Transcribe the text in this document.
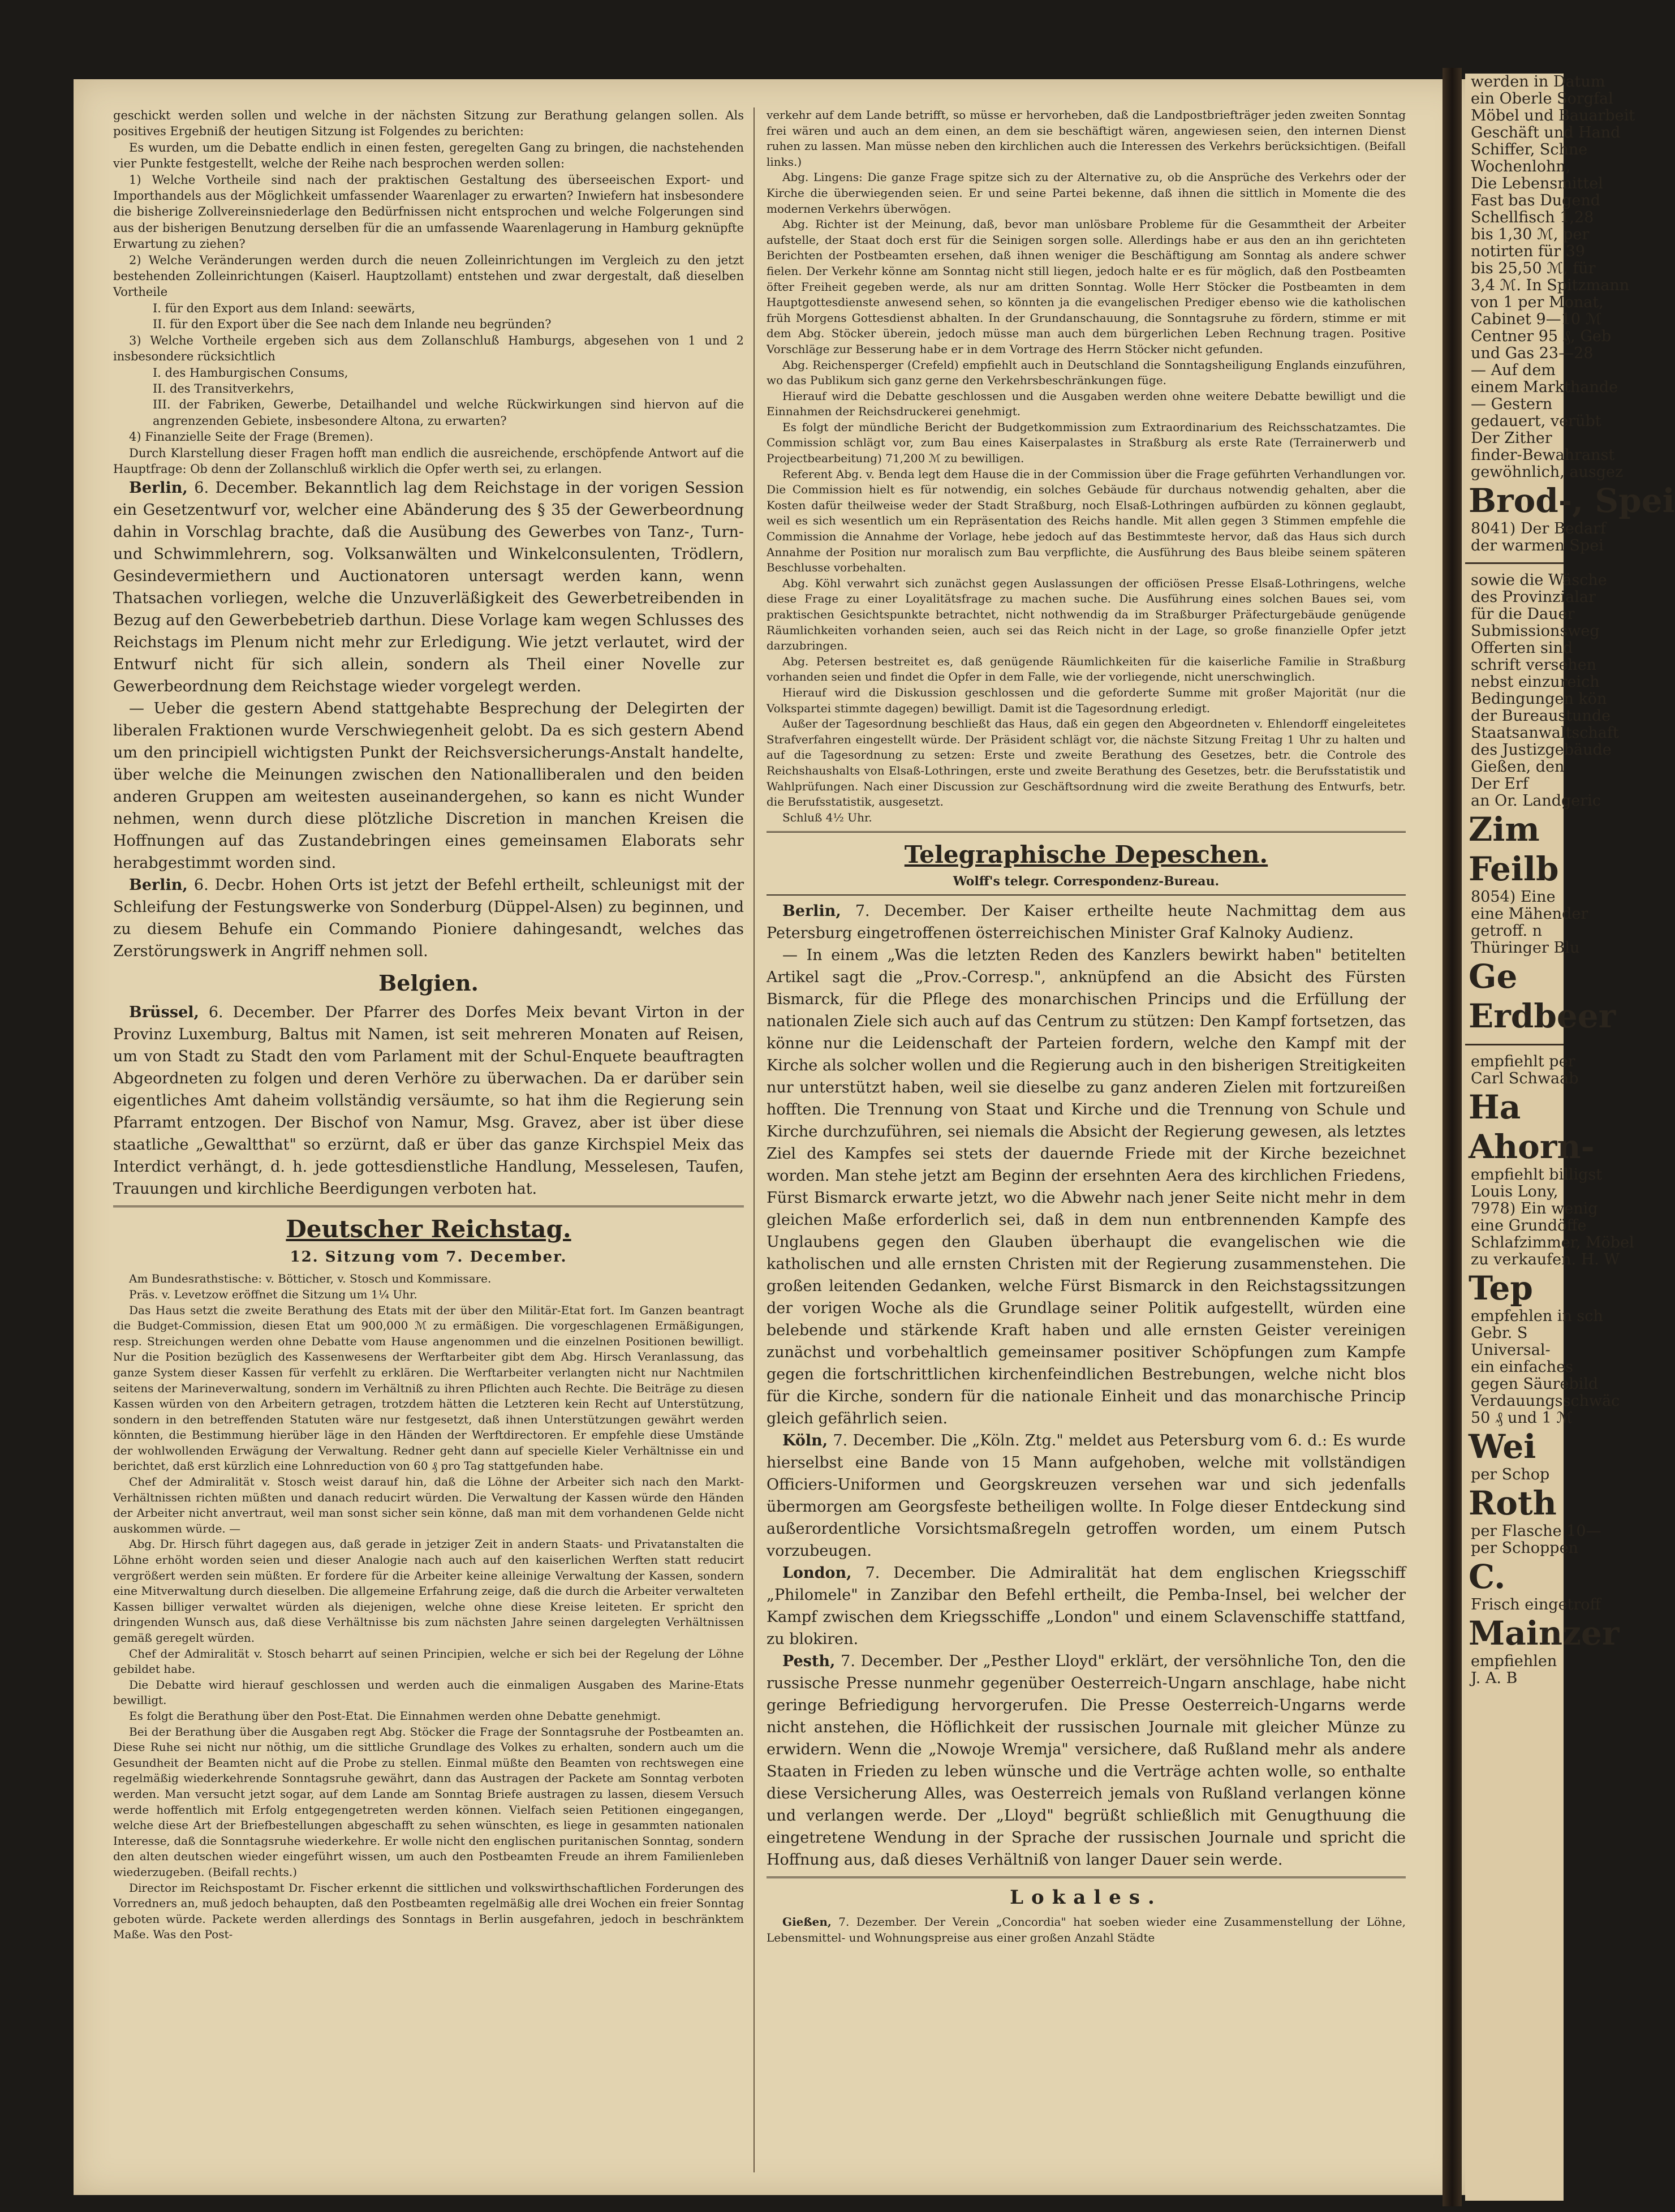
geschickt werden sollen und welche in der nächsten Sitzung zur Berathung gelangen sollen. Als positives Ergebniß der heutigen Sitzung ist Folgendes zu berichten:

Es wurden, um die Debatte endlich in einen festen, geregelten Gang zu bringen, die nachstehenden vier Punkte festgestellt, welche der Reihe nach besprochen werden sollen:

1) Welche Vortheile sind nach der praktischen Gestaltung des überseeischen Export- und Importhandels aus der Möglichkeit umfassender Waarenlager zu erwarten? Inwiefern hat insbesondere die bisherige Zollvereinsniederlage den Bedürfnissen nicht entsprochen und welche Folgerungen sind aus der bisherigen Benutzung derselben für die an umfassende Waarenlagerung in Hamburg geknüpfte Erwartung zu ziehen?

2) Welche Veränderungen werden durch die neuen Zolleinrichtungen im Vergleich zu den jetzt bestehenden Zolleinrichtungen (Kaiserl. Hauptzollamt) entstehen und zwar dergestalt, daß dieselben Vortheile

I. für den Export aus dem Inland: seewärts,

II. für den Export über die See nach dem Inlande neu begründen?

3) Welche Vortheile ergeben sich aus dem Zollanschluß Hamburgs, abgesehen von 1 und 2 insbesondere rücksichtlich

I. des Hamburgischen Consums,

II. des Transitverkehrs,

III. der Fabriken, Gewerbe, Detailhandel und welche Rückwirkungen sind hiervon auf die angrenzenden Gebiete, insbesondere Altona, zu erwarten?

4) Finanzielle Seite der Frage (Bremen).

Durch Klarstellung dieser Fragen hofft man endlich die ausreichende, erschöpfende Antwort auf die Hauptfrage: Ob denn der Zollanschluß wirklich die Opfer werth sei, zu erlangen.

Berlin, 6. December. Bekanntlich lag dem Reichstage in der vorigen Session ein Gesetzentwurf vor, welcher eine Abänderung des § 35 der Gewerbeordnung dahin in Vorschlag brachte, daß die Ausübung des Gewerbes von Tanz-, Turn- und Schwimmlehrern, sog. Volksanwälten und Winkelconsulenten, Trödlern, Gesindevermiethern und Auctionatoren untersagt werden kann, wenn Thatsachen vorliegen, welche die Unzuverläßigkeit des Gewerbetreibenden in Bezug auf den Gewerbebetrieb darthun. Diese Vorlage kam wegen Schlusses des Reichstags im Plenum nicht mehr zur Erledigung. Wie jetzt verlautet, wird der Entwurf nicht für sich allein, sondern als Theil einer Novelle zur Gewerbeordnung dem Reichstage wieder vorgelegt werden.

— Ueber die gestern Abend stattgehabte Besprechung der Delegirten der liberalen Fraktionen wurde Verschwiegenheit gelobt. Da es sich gestern Abend um den principiell wichtigsten Punkt der Reichsversicherungs-Anstalt handelte, über welche die Meinungen zwischen den Nationalliberalen und den beiden anderen Gruppen am weitesten auseinandergehen, so kann es nicht Wunder nehmen, wenn durch diese plötzliche Discretion in manchen Kreisen die Hoffnungen auf das Zustandebringen eines gemeinsamen Elaborats sehr herabgestimmt worden sind.

Berlin, 6. Decbr. Hohen Orts ist jetzt der Befehl ertheilt, schleunigst mit der Schleifung der Festungswerke von Sonderburg (Düppel-Alsen) zu beginnen, und zu diesem Behufe ein Commando Pioniere dahingesandt, welches das Zerstörungswerk in Angriff nehmen soll.

Belgien.

Brüssel, 6. December. Der Pfarrer des Dorfes Meix bevant Virton in der Provinz Luxemburg, Baltus mit Namen, ist seit mehreren Monaten auf Reisen, um von Stadt zu Stadt den vom Parlament mit der Schul-Enquete beauftragten Abgeordneten zu folgen und deren Verhöre zu überwachen. Da er darüber sein eigentliches Amt daheim vollständig versäumte, so hat ihm die Regierung sein Pfarramt entzogen. Der Bischof von Namur, Msg. Gravez, aber ist über diese staatliche „Gewaltthat" so erzürnt, daß er über das ganze Kirchspiel Meix das Interdict verhängt, d. h. jede gottesdienstliche Handlung, Messelesen, Taufen, Trauungen und kirchliche Beerdigungen verboten hat.

Deutscher Reichstag.
12. Sitzung vom 7. December.

Am Bundesrathstische: v. Bötticher, v. Stosch und Kommissare.

Präs. v. Levetzow eröffnet die Sitzung um 1¼ Uhr.

Das Haus setzt die zweite Berathung des Etats mit der über den Militär-Etat fort. Im Ganzen beantragt die Budget-Commission, diesen Etat um 900,000 ℳ zu ermäßigen. Die vorgeschlagenen Ermäßigungen, resp. Streichungen werden ohne Debatte vom Hause angenommen und die einzelnen Positionen bewilligt. Nur die Position bezüglich des Kassenwesens der Werftarbeiter gibt dem Abg. Hirsch Veranlassung, das ganze System dieser Kassen für verfehlt zu erklären. Die Werftarbeiter verlangten nicht nur Nachtmilen seitens der Marineverwaltung, sondern im Verhältniß zu ihren Pflichten auch Rechte. Die Beiträge zu diesen Kassen würden von den Arbeitern getragen, trotzdem hätten die Letzteren kein Recht auf Unterstützung, sondern in den betreffenden Statuten wäre nur festgesetzt, daß ihnen Unterstützungen gewährt werden könnten, die Bestimmung hierüber läge in den Händen der Werftdirectoren. Er empfehle diese Umstände der wohlwollenden Erwägung der Verwaltung. Redner geht dann auf specielle Kieler Verhältnisse ein und berichtet, daß erst kürzlich eine Lohnreduction von 60 ₰ pro Tag stattgefunden habe.

Chef der Admiralität v. Stosch weist darauf hin, daß die Löhne der Arbeiter sich nach den Markt-Verhältnissen richten müßten und danach reducirt würden. Die Verwaltung der Kassen würde den Händen der Arbeiter nicht anvertraut, weil man sonst sicher sein könne, daß man mit dem vorhandenen Gelde nicht auskommen würde. —

Abg. Dr. Hirsch führt dagegen aus, daß gerade in jetziger Zeit in andern Staats- und Privatanstalten die Löhne erhöht worden seien und dieser Analogie nach auch auf den kaiserlichen Werften statt reducirt vergrößert werden sein müßten. Er fordere für die Arbeiter keine alleinige Verwaltung der Kassen, sondern eine Mitverwaltung durch dieselben. Die allgemeine Erfahrung zeige, daß die durch die Arbeiter verwalteten Kassen billiger verwaltet würden als diejenigen, welche ohne diese Kreise leiteten. Er spricht den dringenden Wunsch aus, daß diese Verhältnisse bis zum nächsten Jahre seinen dargelegten Verhältnissen gemäß geregelt würden.

Chef der Admiralität v. Stosch beharrt auf seinen Principien, welche er sich bei der Regelung der Löhne gebildet habe.

Die Debatte wird hierauf geschlossen und werden auch die einmaligen Ausgaben des Marine-Etats bewilligt.

Es folgt die Berathung über den Post-Etat. Die Einnahmen werden ohne Debatte genehmigt.

Bei der Berathung über die Ausgaben regt Abg. Stöcker die Frage der Sonntagsruhe der Postbeamten an. Diese Ruhe sei nicht nur nöthig, um die sittliche Grundlage des Volkes zu erhalten, sondern auch um die Gesundheit der Beamten nicht auf die Probe zu stellen. Einmal müßte den Beamten von rechtswegen eine regelmäßig wiederkehrende Sonntagsruhe gewährt, dann das Austragen der Packete am Sonntag verboten werden. Man versucht jetzt sogar, auf dem Lande am Sonntag Briefe austragen zu lassen, diesem Versuch werde hoffentlich mit Erfolg entgegengetreten werden können. Vielfach seien Petitionen eingegangen, welche diese Art der Briefbestellungen abgeschafft zu sehen wünschten, es liege in gesammten nationalen Interesse, daß die Sonntagsruhe wiederkehre. Er wolle nicht den englischen puritanischen Sonntag, sondern den alten deutschen wieder eingeführt wissen, um auch den Postbeamten Freude an ihrem Familienleben wiederzugeben. (Beifall rechts.)

Director im Reichspostamt Dr. Fischer erkennt die sittlichen und volkswirthschaftlichen Forderungen des Vorredners an, muß jedoch behaupten, daß den Postbeamten regelmäßig alle drei Wochen ein freier Sonntag geboten würde. Packete werden allerdings des Sonntags in Berlin ausgefahren, jedoch in beschränktem Maße. Was den Post-

verkehr auf dem Lande betrifft, so müsse er hervorheben, daß die Landpostbriefträger jeden zweiten Sonntag frei wären und auch an dem einen, an dem sie beschäftigt wären, angewiesen seien, den internen Dienst ruhen zu lassen. Man müsse neben den kirchlichen auch die Interessen des Verkehrs berücksichtigen. (Beifall links.)

Abg. Lingens: Die ganze Frage spitze sich zu der Alternative zu, ob die Ansprüche des Verkehrs oder der Kirche die überwiegenden seien. Er und seine Partei bekenne, daß ihnen die sittlich in Momente die des modernen Verkehrs überwögen.

Abg. Richter ist der Meinung, daß, bevor man unlösbare Probleme für die Gesammtheit der Arbeiter aufstelle, der Staat doch erst für die Seinigen sorgen solle. Allerdings habe er aus den an ihn gerichteten Berichten der Postbeamten ersehen, daß ihnen weniger die Beschäftigung am Sonntag als andere schwer fielen. Der Verkehr könne am Sonntag nicht still liegen, jedoch halte er es für möglich, daß den Postbeamten öfter Freiheit gegeben werde, als nur am dritten Sonntag. Wolle Herr Stöcker die Postbeamten in dem Hauptgottesdienste anwesend sehen, so könnten ja die evangelischen Prediger ebenso wie die katholischen früh Morgens Gottesdienst abhalten. In der Grundanschauung, die Sonntagsruhe zu fördern, stimme er mit dem Abg. Stöcker überein, jedoch müsse man auch dem bürgerlichen Leben Rechnung tragen. Positive Vorschläge zur Besserung habe er in dem Vortrage des Herrn Stöcker nicht gefunden.

Abg. Reichensperger (Crefeld) empfiehlt auch in Deutschland die Sonntagsheiligung Englands einzuführen, wo das Publikum sich ganz gerne den Verkehrsbeschränkungen füge.

Hierauf wird die Debatte geschlossen und die Ausgaben werden ohne weitere Debatte bewilligt und die Einnahmen der Reichsdruckerei genehmigt.

Es folgt der mündliche Bericht der Budgetkommission zum Extraordinarium des Reichsschatzamtes. Die Commission schlägt vor, zum Bau eines Kaiserpalastes in Straßburg als erste Rate (Terrainerwerb und Projectbearbeitung) 71,200 ℳ zu bewilligen.

Referent Abg. v. Benda legt dem Hause die in der Commission über die Frage geführten Verhandlungen vor. Die Commission hielt es für notwendig, ein solches Gebäude für durchaus notwendig gehalten, aber die Kosten dafür theilweise weder der Stadt Straßburg, noch Elsaß-Lothringen aufbürden zu können geglaubt, weil es sich wesentlich um ein Repräsentation des Reichs handle. Mit allen gegen 3 Stimmen empfehle die Commission die Annahme der Vorlage, hebe jedoch auf das Bestimmteste hervor, daß das Haus sich durch Annahme der Position nur moralisch zum Bau verpflichte, die Ausführung des Baus bleibe seinem späteren Beschlusse vorbehalten.

Abg. Köhl verwahrt sich zunächst gegen Auslassungen der officiösen Presse Elsaß-Lothringens, welche diese Frage zu einer Loyalitätsfrage zu machen suche. Die Ausführung eines solchen Baues sei, vom praktischen Gesichtspunkte betrachtet, nicht nothwendig da im Straßburger Präfecturgebäude genügende Räumlichkeiten vorhanden seien, auch sei das Reich nicht in der Lage, so große finanzielle Opfer jetzt darzubringen.

Abg. Petersen bestreitet es, daß genügende Räumlichkeiten für die kaiserliche Familie in Straßburg vorhanden seien und findet die Opfer in dem Falle, wie der vorliegende, nicht unerschwinglich.

Hierauf wird die Diskussion geschlossen und die geforderte Summe mit großer Majorität (nur die Volkspartei stimmte dagegen) bewilligt. Damit ist die Tagesordnung erledigt.

Außer der Tagesordnung beschließt das Haus, daß ein gegen den Abgeordneten v. Ehlendorff eingeleitetes Strafverfahren eingestellt würde. Der Präsident schlägt vor, die nächste Sitzung Freitag 1 Uhr zu halten und auf die Tagesordnung zu setzen: Erste und zweite Berathung des Gesetzes, betr. die Controle des Reichshaushalts von Elsaß-Lothringen, erste und zweite Berathung des Gesetzes, betr. die Berufsstatistik und Wahlprüfungen. Nach einer Discussion zur Geschäftsordnung wird die zweite Berathung des Entwurfs, betr. die Berufsstatistik, ausgesetzt.

Schluß 4½ Uhr.

Telegraphische Depeschen.
Wolff's telegr. Correspondenz-Bureau.

Berlin, 7. December. Der Kaiser ertheilte heute Nachmittag dem aus Petersburg eingetroffenen österreichischen Minister Graf Kalnoky Audienz.

— In einem „Was die letzten Reden des Kanzlers bewirkt haben" betitelten Artikel sagt die „Prov.-Corresp.", anknüpfend an die Absicht des Fürsten Bismarck, für die Pflege des monarchischen Princips und die Erfüllung der nationalen Ziele sich auch auf das Centrum zu stützen: Den Kampf fortsetzen, das könne nur die Leidenschaft der Parteien fordern, welche den Kampf mit der Kirche als solcher wollen und die Regierung auch in den bisherigen Streitigkeiten nur unterstützt haben, weil sie dieselbe zu ganz anderen Zielen mit fortzureißen hofften. Die Trennung von Staat und Kirche und die Trennung von Schule und Kirche durchzuführen, sei niemals die Absicht der Regierung gewesen, als letztes Ziel des Kampfes sei stets der dauernde Friede mit der Kirche bezeichnet worden. Man stehe jetzt am Beginn der ersehnten Aera des kirchlichen Friedens, Fürst Bismarck erwarte jetzt, wo die Abwehr nach jener Seite nicht mehr in dem gleichen Maße erforderlich sei, daß in dem nun entbrennenden Kampfe des Unglaubens gegen den Glauben überhaupt die evangelischen wie die katholischen und alle ernsten Christen mit der Regierung zusammenstehen. Die großen leitenden Gedanken, welche Fürst Bismarck in den Reichstagssitzungen der vorigen Woche als die Grundlage seiner Politik aufgestellt, würden eine belebende und stärkende Kraft haben und alle ernsten Geister vereinigen zunächst und vorbehaltlich gemeinsamer positiver Schöpfungen zum Kampfe gegen die fortschrittlichen kirchenfeindlichen Bestrebungen, welche nicht blos für die Kirche, sondern für die nationale Einheit und das monarchische Princip gleich gefährlich seien.

Köln, 7. December. Die „Köln. Ztg." meldet aus Petersburg vom 6. d.: Es wurde hierselbst eine Bande von 15 Mann aufgehoben, welche mit vollständigen Officiers-Uniformen und Georgskreuzen versehen war und sich jedenfalls übermorgen am Georgsfeste betheiligen wollte. In Folge dieser Entdeckung sind außerordentliche Vorsichtsmaßregeln getroffen worden, um einem Putsch vorzubeugen.

London, 7. December. Die Admiralität hat dem englischen Kriegsschiff „Philomele" in Zanzibar den Befehl ertheilt, die Pemba-Insel, bei welcher der Kampf zwischen dem Kriegsschiffe „London" und einem Sclavenschiffe stattfand, zu blokiren.

Pesth, 7. December. Der „Pesther Lloyd" erklärt, der versöhnliche Ton, den die russische Presse nunmehr gegenüber Oesterreich-Ungarn anschlage, habe nicht geringe Befriedigung hervorgerufen. Die Presse Oesterreich-Ungarns werde nicht anstehen, die Höflichkeit der russischen Journale mit gleicher Münze zu erwidern. Wenn die „Nowoje Wremja" versichere, daß Rußland mehr als andere Staaten in Frieden zu leben wünsche und die Verträge achten wolle, so enthalte diese Versicherung Alles, was Oesterreich jemals von Rußland verlangen könne und verlangen werde. Der „Lloyd" begrüßt schließlich mit Genugthuung die eingetretene Wendung in der Sprache der russischen Journale und spricht die Hoffnung aus, daß dieses Verhältniß von langer Dauer sein werde.

Lokales.

Gießen, 7. Dezember. Der Verein „Concordia" hat soeben wieder eine Zusammenstellung der Löhne, Lebensmittel- und Wohnungspreise aus einer großen Anzahl Städte

werden in Datum
ein Oberle Sorgfal
Möbel und Bauarbeit
Geschäft und Hand
Schiffer, Schne
Wochenlohn,
Die Lebensmittel
Fast bas Dugend
Schellfisch 1,28
bis 1,30 ℳ, per
notirten für 39
bis 25,50 ℳ, für
3,4 ℳ. In Spitzmann
von 1 per Monat,
Cabinet 9—10 ℳ
Centner 95 ₰, Geb
und Gas 23—28
— Auf dem
einem Markthande
— Gestern
gedauert, verübt
Der Zither
finder-Bewahranst
gewöhnlich, ausgez
Brod-, Spei
8041) Der Bedarf
der warmen Spei
sowie die Wäsche
des Provinzialar
für die Dauer
Submissionsweg
Offerten sind
schrift versehen
nebst einzureich
Bedingungen kön
der Bureaustunde
Staatsanwaltschaft
des Justizgebäude
Gießen, den
Der Erf
an Or. Landgeric
Zim
Feilb
8054) Eine
eine Mähender
getroff. n
Thüringer Blu
Ge
Erdbeer
empfiehlt per
Carl Schwaab
Ha
Ahorn-
empfiehlt billigst
Louis Lony,
7978) Ein wenig
eine Grundöffe
Schlafzimmer, Möbel
zu verkaufen. H. W
Tep
empfehlen in sch
Gebr. S
Universal-
ein einfaches
gegen Säurebild
Verdauungsschwäc
50 ₰ und 1 ℳ
Wei
per Schop
Roth
per Flasche 10—
per Schoppen
C.
Frisch eingetroff
Mainzer
empfiehlen
J. A. B
